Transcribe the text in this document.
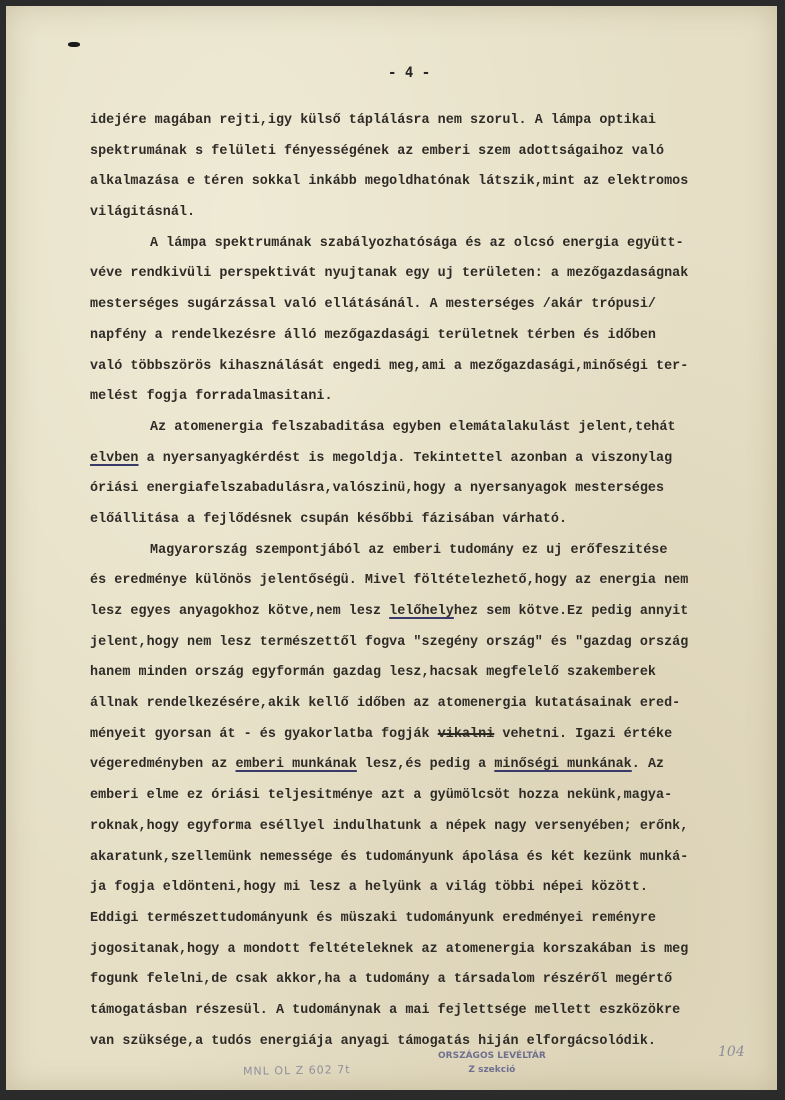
- 4 -
idejére magában rejti,igy külső táplálásra nem szorul. A lámpa optikai
spektrumának s felületi fényességének az emberi szem adottságaihoz való
alkalmazása e téren sokkal inkább megoldhatónak látszik,mint az elektromos
világitásnál.
A lámpa spektrumának szabályozhatósága és az olcsó energia együtt-
véve rendkivüli perspektivát nyujtanak egy uj területen: a mezőgazdaságnak
mesterséges sugárzással való ellátásánál. A mesterséges /akár trópusi/
napfény a rendelkezésre álló mezőgazdasági területnek térben és időben
való többszörös kihasználását engedi meg,ami a mezőgazdasági,minőségi ter-
melést fogja forradalmasitani.
Az atomenergia felszabaditása egyben elemátalakulást jelent,tehát
elvben a nyersanyagkérdést is megoldja. Tekintettel azonban a viszonylag
óriási energiafelszabadulásra,valószinü,hogy a nyersanyagok mesterséges
előállitása a fejlődésnek csupán későbbi fázisában várható.
Magyarország szempontjából az emberi tudomány ez uj erőfeszitése
és eredménye különös jelentőségü. Mivel föltételezhető,hogy az energia nem
lesz egyes anyagokhoz kötve,nem lesz lelőhelyhez sem kötve.Ez pedig annyit
jelent,hogy nem lesz természettől fogva "szegény ország" és "gazdag ország
hanem minden ország egyformán gazdag lesz,hacsak megfelelő szakemberek
állnak rendelkezésére,akik kellő időben az atomenergia kutatásainak ered-
ményeit gyorsan át - és gyakorlatba fogják vikalni vehetni. Igazi értéke
végeredményben az emberi munkának lesz,és pedig a minőségi munkának. Az
emberi elme ez óriási teljesitménye azt a gyümölcsöt hozza nekünk,magya-
roknak,hogy egyforma eséllyel indulhatunk a népek nagy versenyében; erőnk,
akaratunk,szellemünk nemessége és tudományunk ápolása és két kezünk munká-
ja fogja eldönteni,hogy mi lesz a helyünk a világ többi népei között.
Eddigi természettudományunk és müszaki tudományunk eredményei reményre
jogositanak,hogy a mondott feltételeknek az atomenergia korszakában is meg
fogunk felelni,de csak akkor,ha a tudomány a társadalom részéről megértő
támogatásban részesül. A tudománynak a mai fejlettsége mellett eszközökre
van szüksége,a tudós energiája anyagi támogatás hiján elforgácsolódik.
MNL OL Z 602 7t
ORSZÁGOS LEVÉLTÁR
Z szekció
104
